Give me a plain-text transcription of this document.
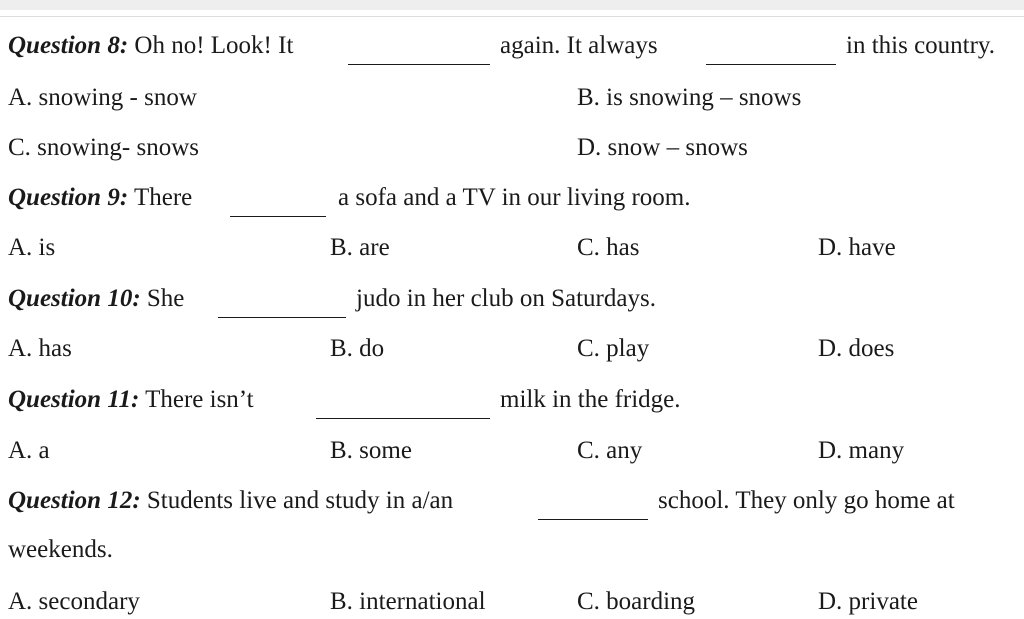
Question 8: Oh no! Look! It	again. It always	in this country.
A. snowing - snow	B. is snowing – snows
C. snowing- snows	D. snow – snows
Question 9: There	a sofa and a TV in our living room.
A. is	B. are	C. has	D. have
Question 10: She	judo in her club on Saturdays.
A. has	B. do	C. play	D. does
Question 11: There isn’t	milk in the fridge.
A. a	B. some	C. any	D. many
Question 12: Students live and study in a/an	school. They only go home at
weekends.
A. secondary	B. international	C. boarding	D. private
